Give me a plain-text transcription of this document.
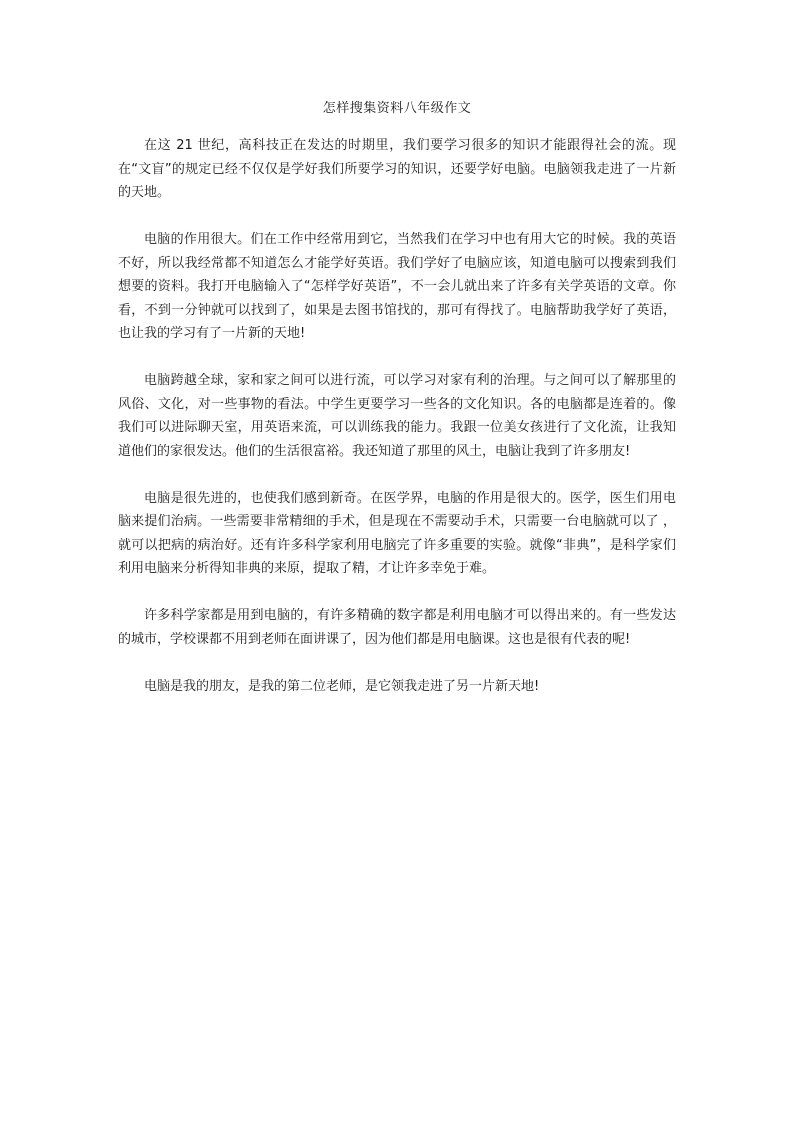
怎样搜集资料八年级作文

在这 21 世纪，高科技正在发达的时期里，我们要学习很多的知识才能跟得社会的流。现在“文盲”的规定已经不仅仅是学好我们所要学习的知识，还要学好电脑。电脑领我走进了一片新的天地。

电脑的作用很大。们在工作中经常用到它，当然我们在学习中也有用大它的时候。我的英语不好，所以我经常都不知道怎么才能学好英语。我们学好了电脑应该，知道电脑可以搜索到我们想要的资料。我打开电脑输入了“怎样学好英语”，不一会儿就出来了许多有关学英语的文章。你看，不到一分钟就可以找到了，如果是去图书馆找的，那可有得找了。电脑帮助我学好了英语，也让我的学习有了一片新的天地!

电脑跨越全球，家和家之间可以进行流，可以学习对家有利的治理。与之间可以了解那里的风俗、文化，对一些事物的看法。中学生更要学习一些各的文化知识。各的电脑都是连着的。像我们可以进际聊天室，用英语来流，可以训练我的能力。我跟一位美女孩进行了文化流，让我知道他们的家很发达。他们的生活很富裕。我还知道了那里的风土，电脑让我到了许多朋友!

电脑是很先进的，也使我们感到新奇。在医学界，电脑的作用是很大的。医学，医生们用电脑来提们治病。一些需要非常精细的手术，但是现在不需要动手术，只需要一台电脑就可以了 ，就可以把病的病治好。还有许多科学家利用电脑完了许多重要的实验。就像“非典”，是科学家们利用电脑来分析得知非典的来原，提取了精，才让许多幸免于难。

许多科学家都是用到电脑的，有许多精确的数字都是利用电脑才可以得出来的。有一些发达的城市，学校课都不用到老师在面讲课了，因为他们都是用电脑课。这也是很有代表的呢!

电脑是我的朋友，是我的第二位老师，是它领我走进了另一片新天地!
